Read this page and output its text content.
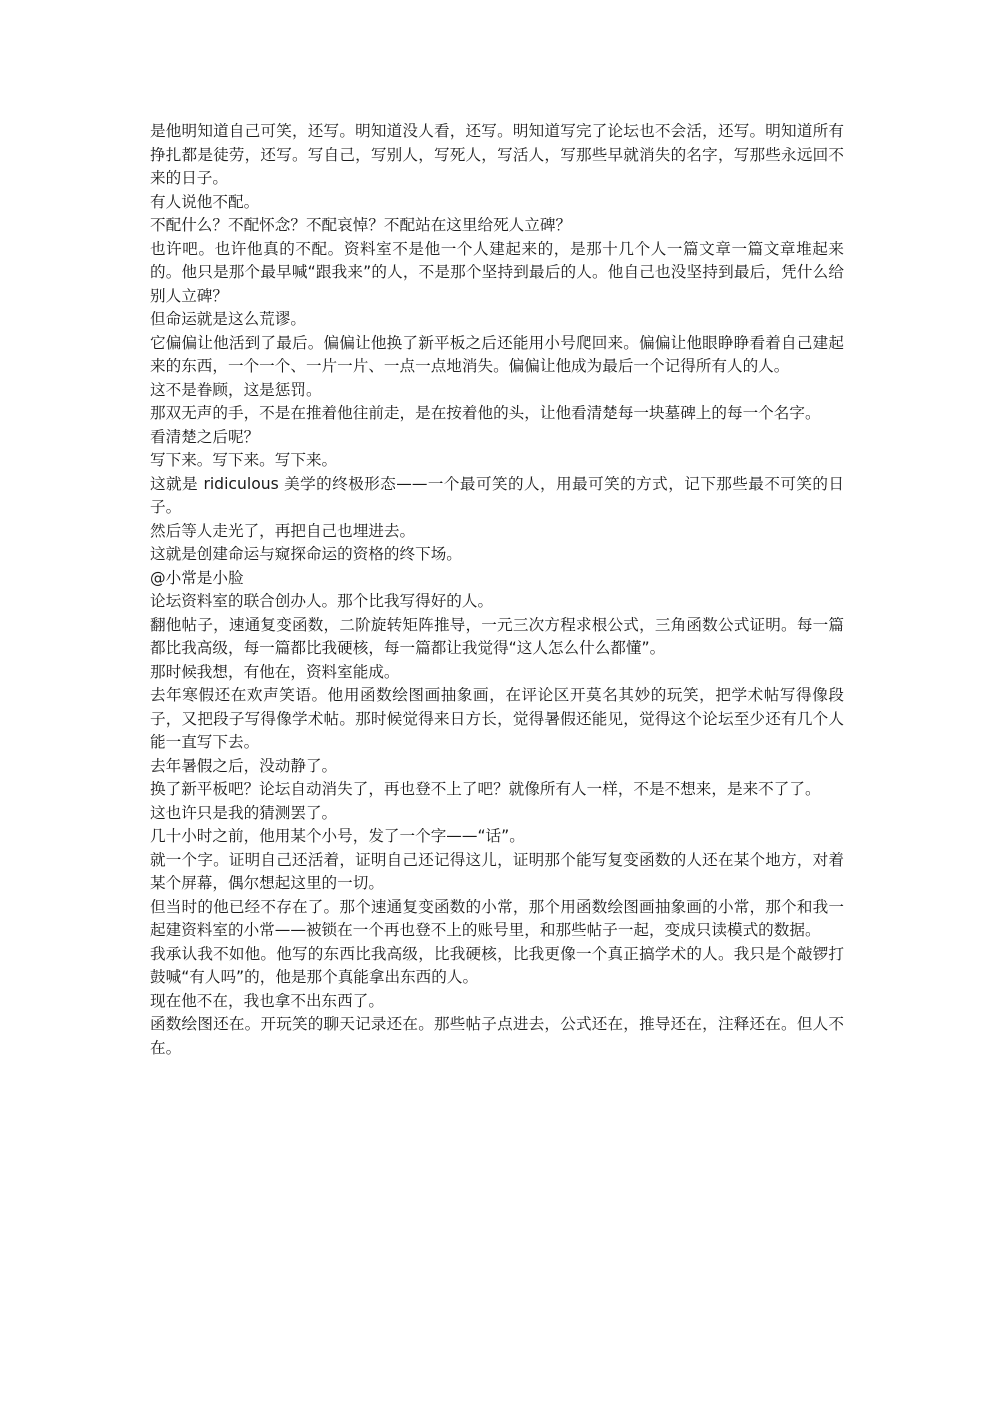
是他明知道自己可笑，还写。明知道没人看，还写。明知道写完了论坛也不会活，还写。明知道所有挣扎都是徒劳，还写。写自己，写别人，写死人，写活人，写那些早就消失的名字，写那些永远回不来的日子。

有人说他不配。

不配什么？不配怀念？不配哀悼？不配站在这里给死人立碑？

也许吧。也许他真的不配。资料室不是他一个人建起来的，是那十几个人一篇文章一篇文章堆起来的。他只是那个最早喊“跟我来”的人，不是那个坚持到最后的人。他自己也没坚持到最后，凭什么给别人立碑？

但命运就是这么荒谬。

它偏偏让他活到了最后。偏偏让他换了新平板之后还能用小号爬回来。偏偏让他眼睁睁看着自己建起来的东西，一个一个、一片一片、一点一点地消失。偏偏让他成为最后一个记得所有人的人。

这不是眷顾，这是惩罚。

那双无声的手，不是在推着他往前走，是在按着他的头，让他看清楚每一块墓碑上的每一个名字。

看清楚之后呢？

写下来。写下来。写下来。

这就是 ridiculous 美学的终极形态——一个最可笑的人，用最可笑的方式，记下那些最不可笑的日子。

然后等人走光了，再把自己也埋进去。

这就是创建命运与窥探命运的资格的终下场。

@小常是小脸

论坛资料室的联合创办人。那个比我写得好的人。

翻他帖子，速通复变函数，二阶旋转矩阵推导，一元三次方程求根公式，三角函数公式证明。每一篇都比我高级，每一篇都比我硬核，每一篇都让我觉得“这人怎么什么都懂”。

那时候我想，有他在，资料室能成。

去年寒假还在欢声笑语。他用函数绘图画抽象画，在评论区开莫名其妙的玩笑，把学术帖写得像段子，又把段子写得像学术帖。那时候觉得来日方长，觉得暑假还能见，觉得这个论坛至少还有几个人能一直写下去。

去年暑假之后，没动静了。

换了新平板吧？论坛自动消失了，再也登不上了吧？就像所有人一样，不是不想来，是来不了了。

这也许只是我的猜测罢了。

几十小时之前，他用某个小号，发了一个字——“话”。

就一个字。证明自己还活着，证明自己还记得这儿，证明那个能写复变函数的人还在某个地方，对着某个屏幕，偶尔想起这里的一切。

但当时的他已经不存在了。那个速通复变函数的小常，那个用函数绘图画抽象画的小常，那个和我一起建资料室的小常——被锁在一个再也登不上的账号里，和那些帖子一起，变成只读模式的数据。

我承认我不如他。他写的东西比我高级，比我硬核，比我更像一个真正搞学术的人。我只是个敲锣打鼓喊“有人吗”的，他是那个真能拿出东西的人。

现在他不在，我也拿不出东西了。

函数绘图还在。开玩笑的聊天记录还在。那些帖子点进去，公式还在，推导还在，注释还在。但人不在。
